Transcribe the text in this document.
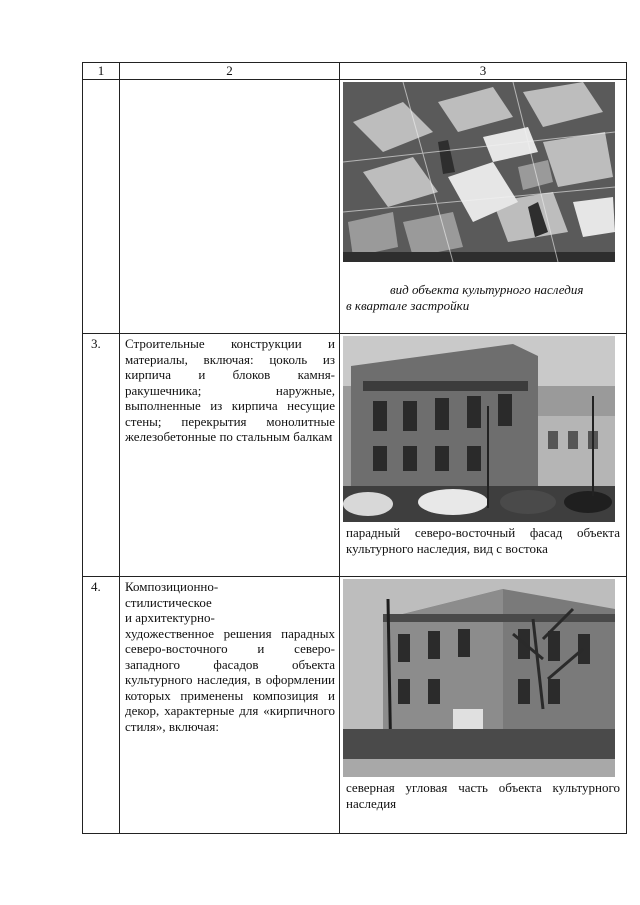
1	2	3

		вид объекта культурного наследия
в квартале застройки

3.	Строительные конструкции и материалы, включая: цоколь из кирпича и блоков камня-ракушечника; наружные, выполненные из кирпича несущие стены; перекрытия монолитные железобетонные по стальным балкам	парадный северо-восточный фасад объекта культурного наследия, вид с востока

4.	Композиционно-
стилистическое
и архитектурно-
художественное решения парадных северо-восточного и северо-западного фасадов объекта культурного наследия, в оформлении которых применены композиция и декор, характерные для «кирпичного стиля», включая:	северная угловая часть объекта культурного наследия
